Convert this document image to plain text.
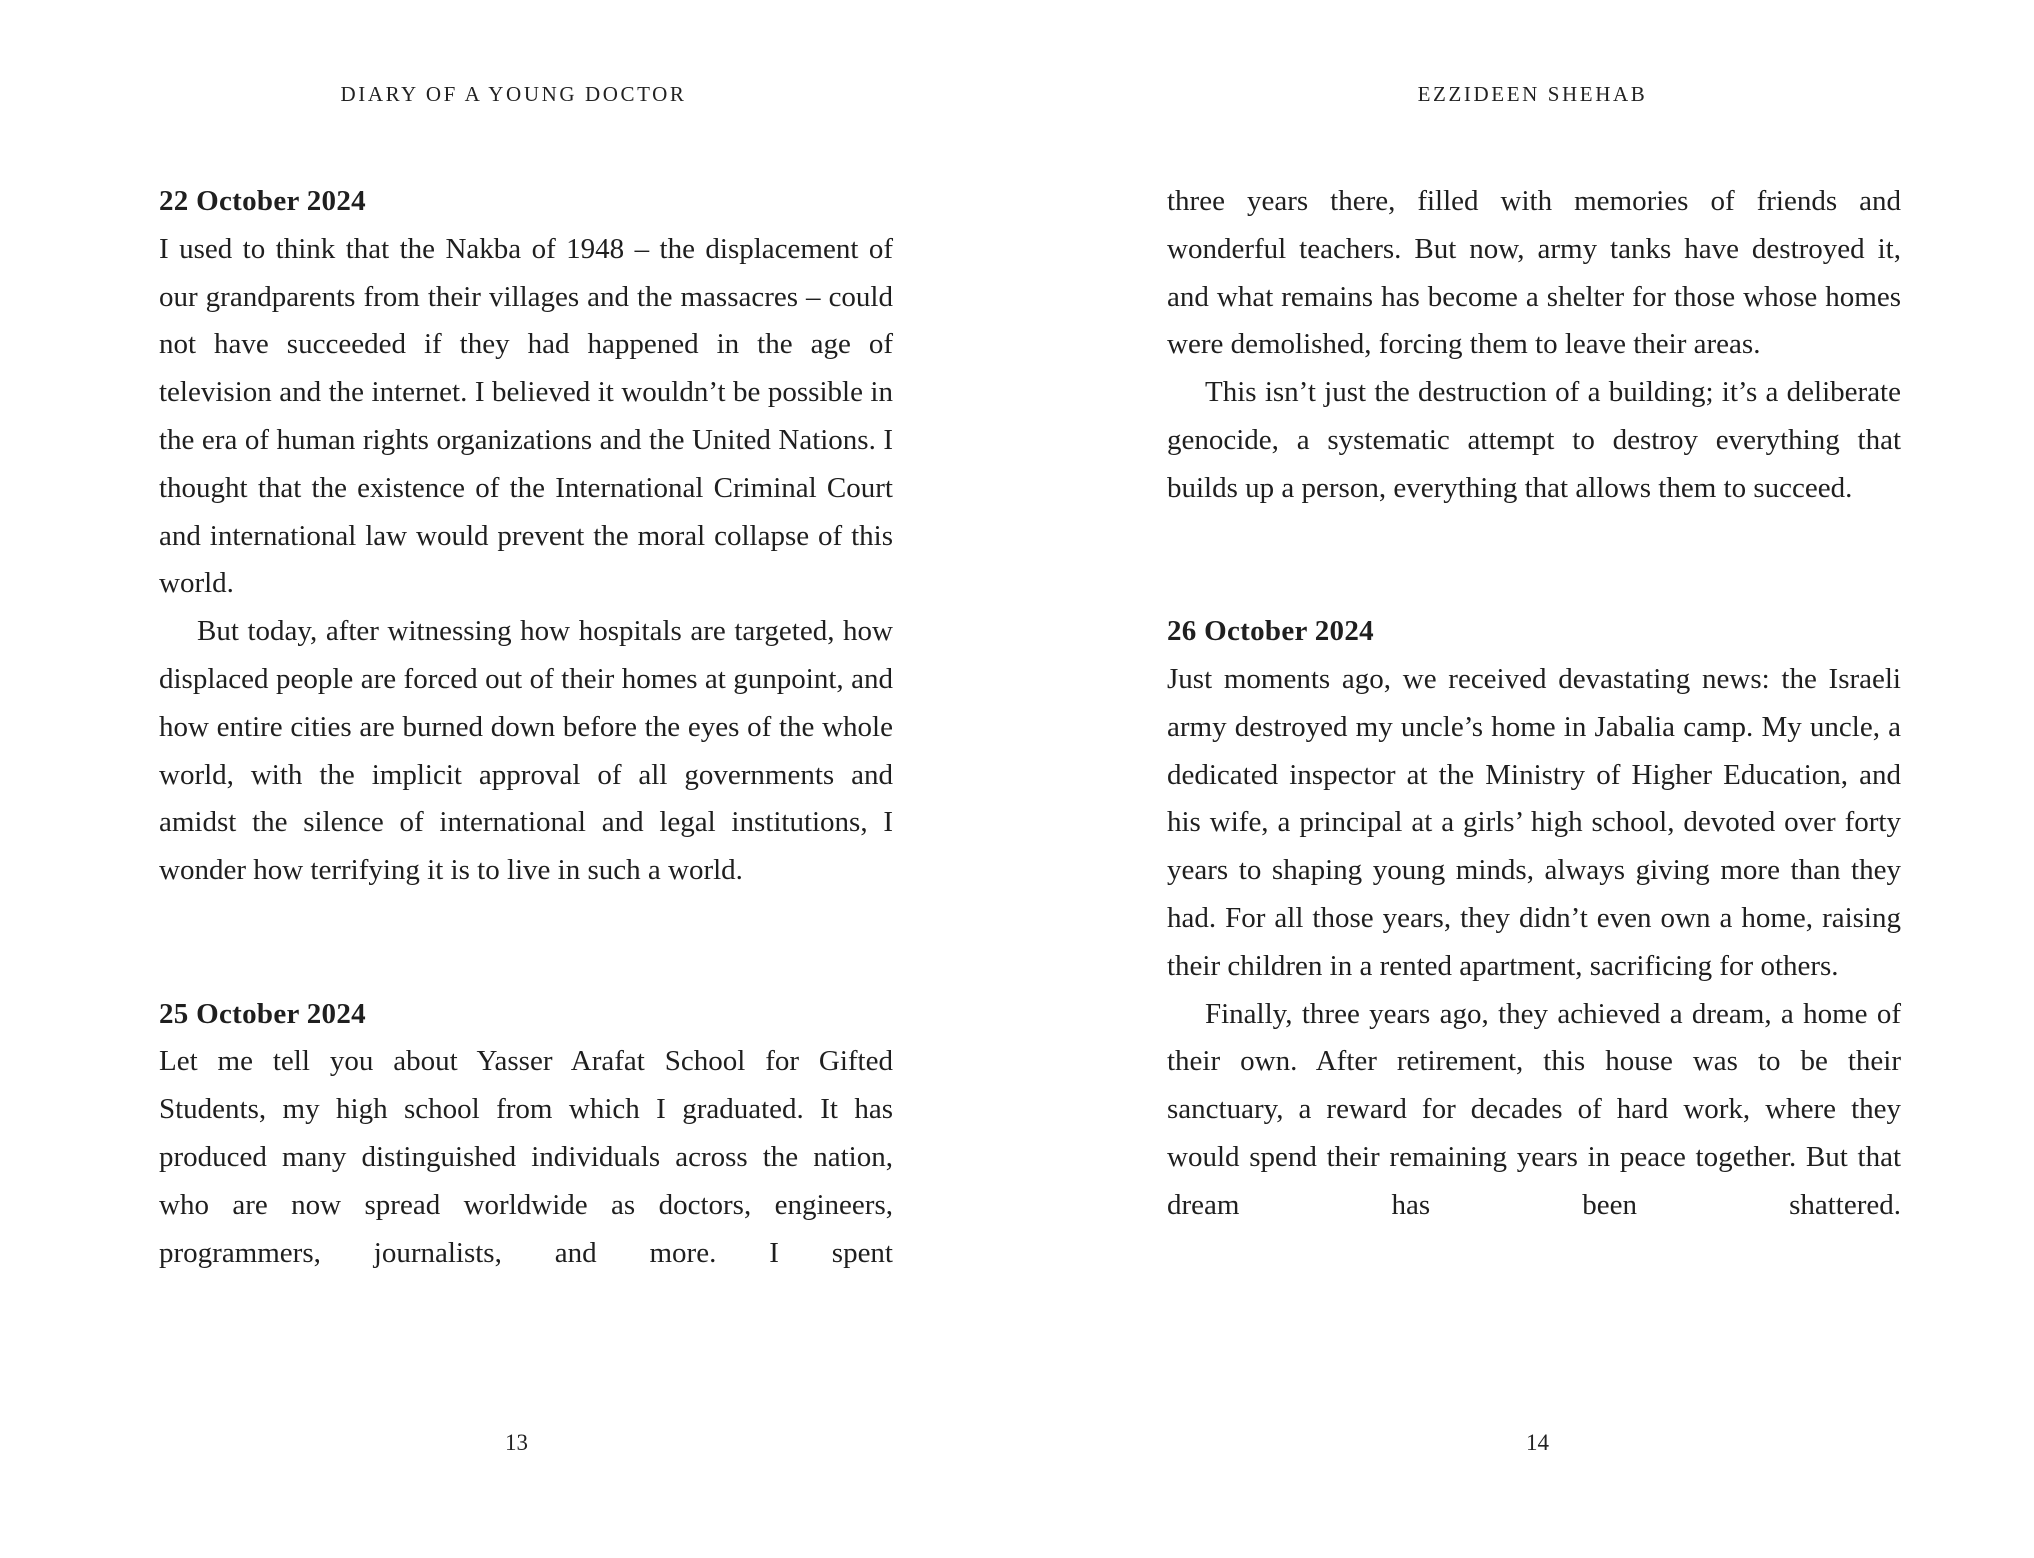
DIARY OF A YOUNG DOCTOR
22 October 2024

I used to think that the Nakba of 1948 – the displacement of our grandparents from their villages and the massacres – could not have succeeded if they had happened in the age of television and the internet. I believed it wouldn’t be possible in the era of human rights organizations and the United Nations. I thought that the existence of the International Criminal Court and international law would prevent the moral collapse of this world.

But today, after witnessing how hospitals are targeted, how displaced people are forced out of their homes at gunpoint, and how entire cities are burned down before the eyes of the whole world, with the implicit approval of all governments and amidst the silence of international and legal institutions, I wonder how terrifying it is to live in such a world.

25 October 2024

Let me tell you about Yasser Arafat School for Gifted Students, my high school from which I graduated. It has produced many distinguished individuals across the nation, who are now spread worldwide as doctors, engineers, programmers, journalists, and more. I spent

13
EZZIDEEN SHEHAB

three years there, filled with memories of friends and wonderful teachers. But now, army tanks have destroyed it, and what remains has become a shelter for those whose homes were demolished, forcing them to leave their areas.

This isn’t just the destruction of a building; it’s a deliberate genocide, a systematic attempt to destroy everything that builds up a person, everything that allows them to succeed.

26 October 2024

Just moments ago, we received devastating news: the Israeli army destroyed my uncle’s home in Jabalia camp. My uncle, a dedicated inspector at the Ministry of Higher Education, and his wife, a principal at a girls’ high school, devoted over forty years to shaping young minds, always giving more than they had. For all those years, they didn’t even own a home, raising their children in a rented apartment, sacrificing for others.

Finally, three years ago, they achieved a dream, a home of their own. After retirement, this house was to be their sanctuary, a reward for decades of hard work, where they would spend their remaining years in peace together. But that dream has been shattered.

14
